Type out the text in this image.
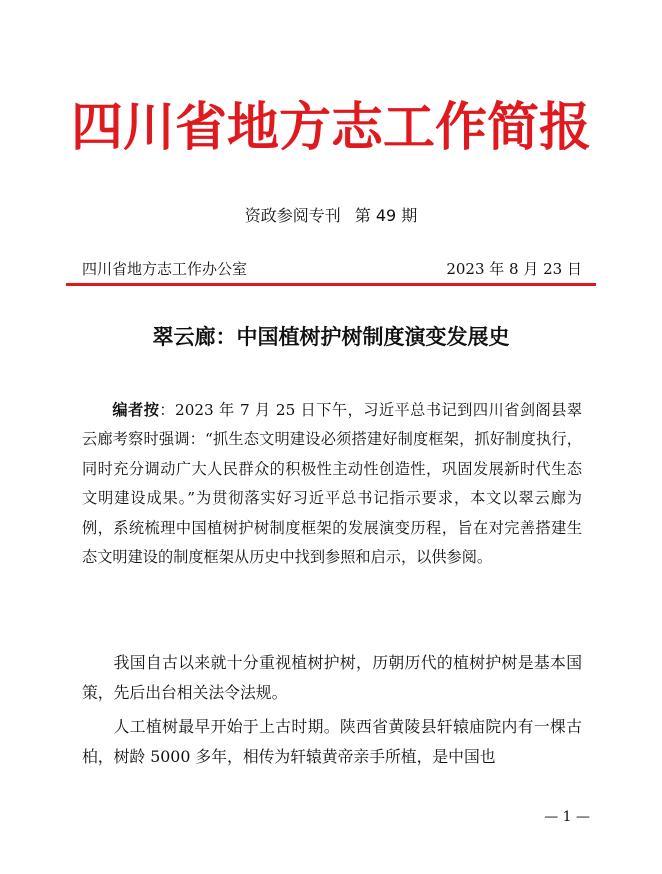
四川省地方志工作简报
资政参阅专刊 第 49 期
四川省地方志工作办公室	2023 年 8 月 23 日
翠云廊：中国植树护树制度演变发展史
编者按：2023 年 7 月 25 日下午，习近平总书记到四川省剑阁县翠云廊考察时强调：“抓生态文明建设必须搭建好制度框架，抓好制度执行，同时充分调动广大人民群众的积极性主动性创造性，巩固发展新时代生态文明建设成果。”为贯彻落实好习近平总书记指示要求，本文以翠云廊为例，系统梳理中国植树护树制度框架的发展演变历程，旨在对完善搭建生态文明建设的制度框架从历史中找到参照和启示，以供参阅。

我国自古以来就十分重视植树护树，历朝历代的植树护树是基本国策，先后出台相关法令法规。

人工植树最早开始于上古时期。陕西省黄陵县轩辕庙院内有一棵古柏，树龄 5000 多年，相传为轩辕黄帝亲手所植，是中国也

— 1 —
